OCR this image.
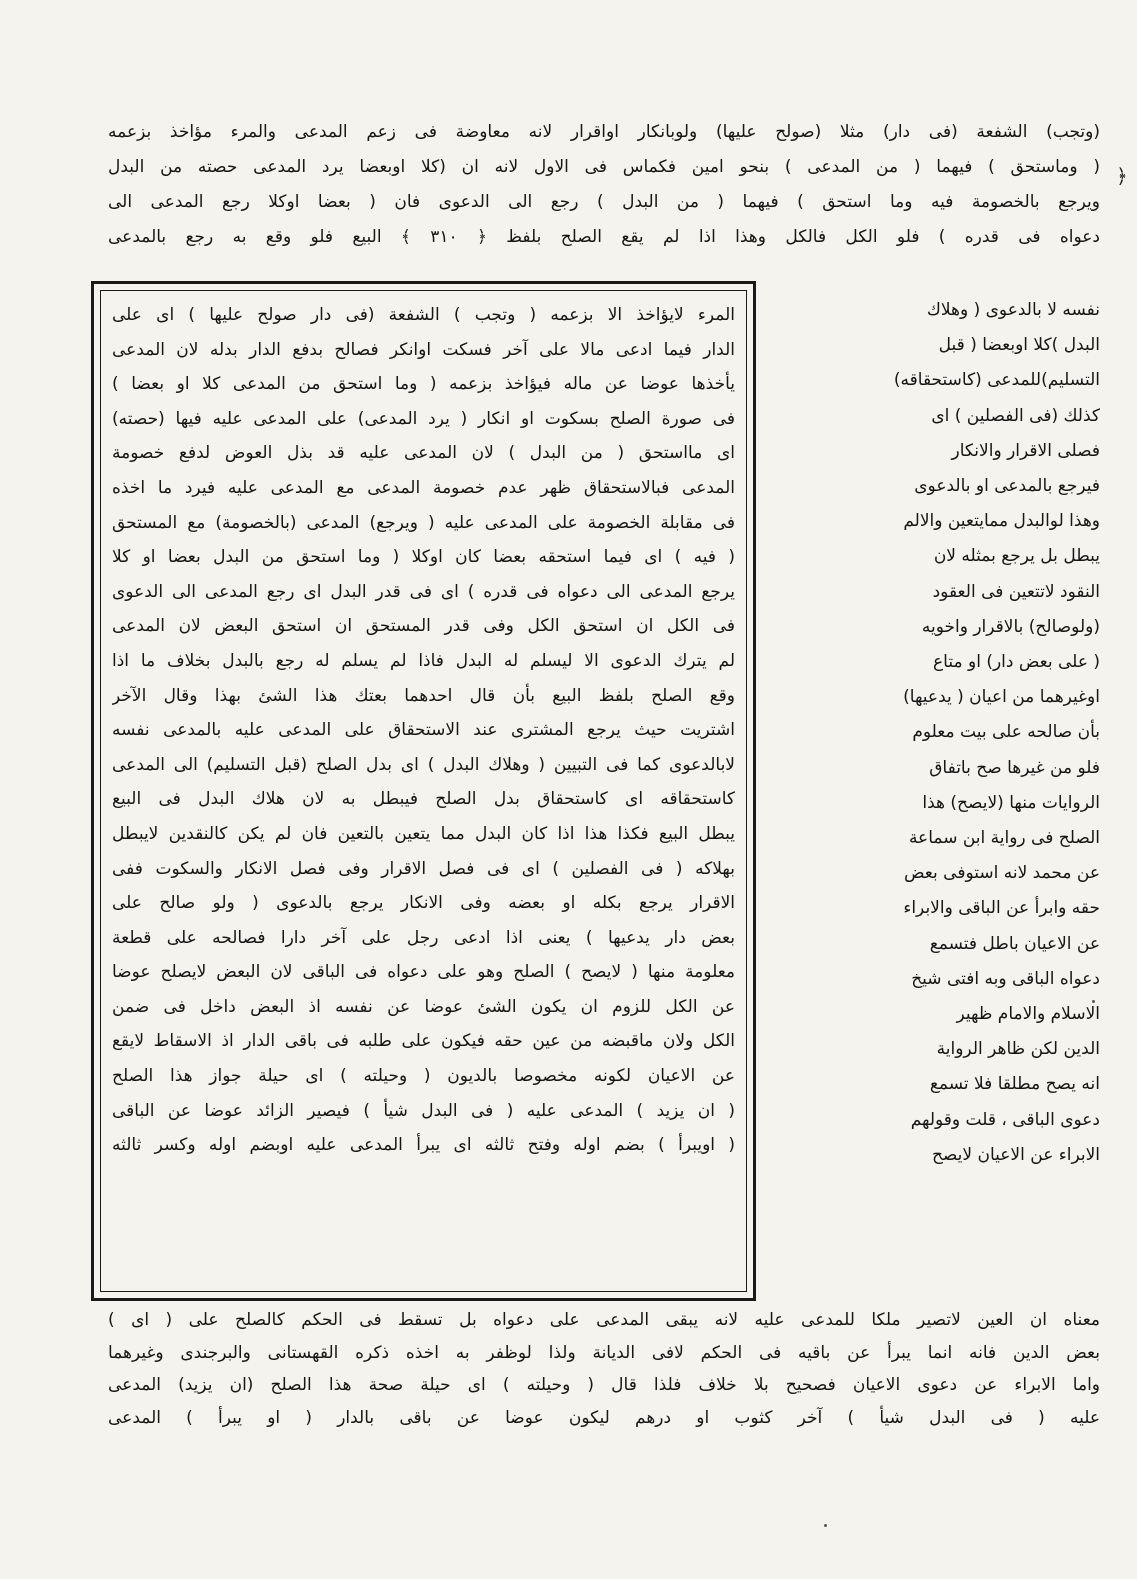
(وتجب) الشفعة (فى دار) مثلا (صولح عليها) ولوبانكار اواقرار لانه معاوضة فى زعم المدعى والمرء مؤاخذ بزعمه
( وماستحق ) فيهما ( من المدعى ) بنحو امين فكماس فى الاول لانه ان (كلا اوبعضا يرد المدعى حصته من البدل
ويرجع بالخصومة فيه وما استحق ) فيهما ( من البدل ) رجع الى الدعوى فان ( بعضا اوكلا رجع المدعى الى
دعواه فى قدره ) فلو الكل فالكل وهذا اذا لم يقع الصلح بلفظ ﴿ ٣١٠ ﴾ البيع فلو وقع به رجع بالمدعى
﴿
نفسه لا بالدعوى ( وهلاك
البدل )كلا اوبعضا ( قبل
التسليم)للمدعى (كاستحقاقه)
كذلك (فى الفصلين ) اى
فصلى الاقرار والانكار
فيرجع بالمدعى او بالدعوى
وهذا لوالبدل ممايتعين والالم
يبطل بل يرجع بمثله لان
النقود لاتتعين فى العقود
(ولوصالح) بالاقرار واخويه
( على بعض دار) او متاع
اوغيرهما من اعيان ( يدعيها)
بأن صالحه على بيت معلوم
فلو من غيرها صح باتفاق
الروايات منها (لايصح) هذا
الصلح فى رواية ابن سماعة
عن محمد لانه استوفى بعض
حقه وابرأ عن الباقى والابراء
عن الاعيان باطل فتسمع
دعواه الباقى وبه افتى شيخ
الاسلام والامام ظهير
الدين لكن ظاهر الرواية
انه يصح مطلقا فلا تسمع
دعوى الباقى ، قلت وقولهم
الابراء عن الاعيان لايصح
المرء لايؤاخذ الا بزعمه ( وتجب ) الشفعة (فى دار صولح عليها ) اى على
الدار فيما ادعى مالا على آخر فسكت اوانكر فصالح بدفع الدار بدله لان المدعى
يأخذها عوضا عن ماله فيؤاخذ بزعمه ( وما استحق من المدعى كلا او بعضا )
فى صورة الصلح بسكوت او انكار ( يرد المدعى) على المدعى عليه فيها (حصته)
اى مااستحق ( من البدل ) لان المدعى عليه قد بذل العوض لدفع خصومة
المدعى فبالاستحقاق ظهر عدم خصومة المدعى مع المدعى عليه فيرد ما اخذه
فى مقابلة الخصومة على المدعى عليه ( ويرجع) المدعى (بالخصومة) مع المستحق
( فيه ) اى فيما استحقه بعضا كان اوكلا ( وما استحق من البدل بعضا او كلا
يرجع المدعى الى دعواه فى قدره ) اى فى قدر البدل اى رجع المدعى الى الدعوى
فى الكل ان استحق الكل وفى قدر المستحق ان استحق البعض لان المدعى
لم يترك الدعوى الا ليسلم له البدل فاذا لم يسلم له رجع بالبدل بخلاف ما اذا
وقع الصلح بلفظ البيع بأن قال احدهما بعتك هذا الشئ بهذا وقال الآخر
اشتريت حيث يرجع المشترى عند الاستحقاق على المدعى عليه بالمدعى نفسه
لابالدعوى كما فى التبيين ( وهلاك البدل ) اى بدل الصلح (قبل التسليم) الى المدعى
كاستحقاقه اى كاستحقاق بدل الصلح فيبطل به لان هلاك البدل فى البيع
يبطل البيع فكذا هذا اذا كان البدل مما يتعين بالتعين فان لم يكن كالنقدين لايبطل
بهلاكه ( فى الفصلين ) اى فى فصل الاقرار وفى فصل الانكار والسكوت ففى
الاقرار يرجع بكله او بعضه وفى الانكار يرجع بالدعوى ( ولو صالح على
بعض دار يدعيها ) يعنى اذا ادعى رجل على آخر دارا فصالحه على قطعة
معلومة منها ( لايصح ) الصلح وهو على دعواه فى الباقى لان البعض لايصلح عوضا
عن الكل للزوم ان يكون الشئ عوضا عن نفسه اذ البعض داخل فى ضمن
الكل ولان ماقبضه من عين حقه فيكون على طلبه فى باقى الدار اذ الاسقاط لايقع
عن الاعيان لكونه مخصوصا بالديون ( وحيلته ) اى حيلة جواز هذا الصلح
( ان يزيد ) المدعى عليه ( فى البدل شيأ ) فيصير الزائد عوضا عن الباقى
( اويبرأ ) بضم اوله وفتح ثالثه اى يبرأ المدعى عليه اوبضم اوله وكسر ثالثه
معناه ان العين لاتصير ملكا للمدعى عليه لانه يبقى المدعى على دعواه بل تسقط فى الحكم كالصلح على ( اى )
بعض الدين فانه انما يبرأ عن باقيه فى الحكم لافى الديانة ولذا لوظفر به اخذه ذكره القهستانى والبرجندى وغيرهما
واما الابراء عن دعوى الاعيان فصحيح بلا خلاف فلذا قال ( وحيلته ) اى حيلة صحة هذا الصلح (ان يزيد) المدعى
عليه ( فى البدل شيأ ) آخر كثوب او درهم ليكون عوضا عن باقى بالدار ( او يبرأ ) المدعى
